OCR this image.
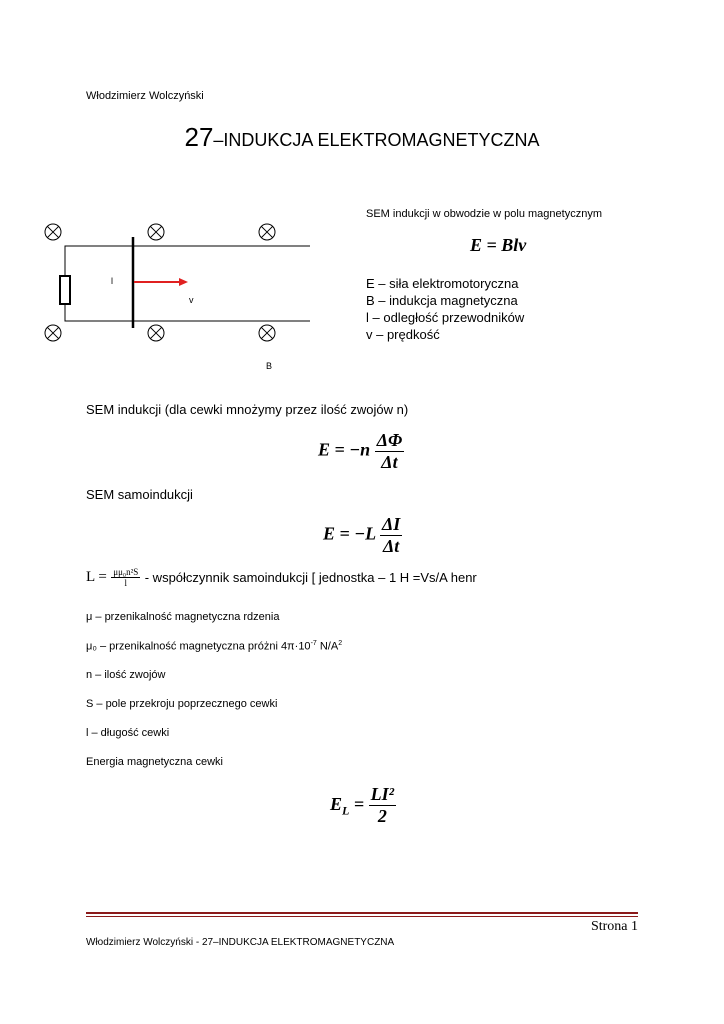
Włodzimierz Wolczyński
27–INDUKCJA ELEKTROMAGNETYCZNA
l
v
B
SEM indukcji w obwodzie w polu magnetycznym
E = Blv
E – siła elektromotoryczna
B – indukcja magnetyczna
l – odległość przewodników
v – prędkość
SEM indukcji (dla cewki mnożymy przez ilość zwojów n)
$E = -n \frac{\Delta\Phi}{\Delta t}$
SEM samoindukcji
$E = -L \frac{\Delta I}{\Delta t}$
$L = \frac{\text{μμ₀n²S}}{l}$ - współczynnik samoindukcji [ jednostka – 1 H =Vs/A henr
μ – przenikalność magnetyczna rdzenia
μ₀ – przenikalność magnetyczna próżni $4\pi\cdot 10^{-7}$ $N/A^2$
n – ilość zwojów
S – pole przekroju poprzecznego cewki
l – długość cewki
Energia magnetyczna cewki
$E_L = \frac{\text{LI²}}{2}$
Strona 1
Włodzimierz Wolczyński - 27–INDUKCJA ELEKTROMAGNETYCZNA
